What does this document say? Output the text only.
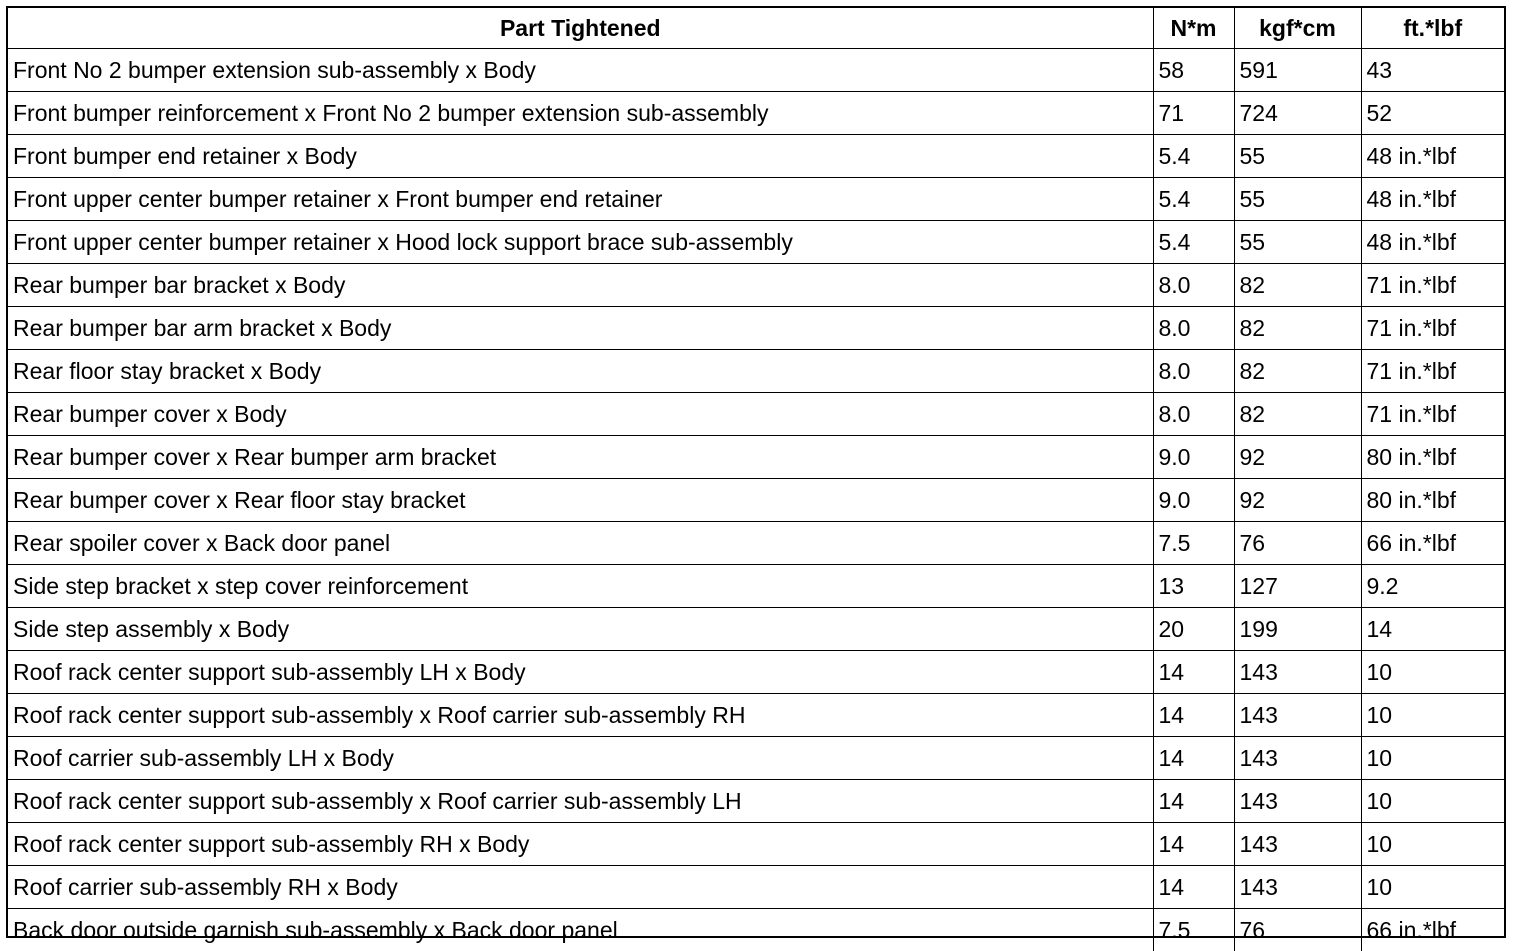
Part Tightened	N*m	kgf*cm	ft.*lbf
Front No 2 bumper extension sub-assembly x Body	58	591	43
Front bumper reinforcement x Front No 2 bumper extension sub-assembly	71	724	52
Front bumper end retainer x Body	5.4	55	48 in.*lbf
Front upper center bumper retainer x Front bumper end retainer	5.4	55	48 in.*lbf
Front upper center bumper retainer x Hood lock support brace sub-assembly	5.4	55	48 in.*lbf
Rear bumper bar bracket x Body	8.0	82	71 in.*lbf
Rear bumper bar arm bracket x Body	8.0	82	71 in.*lbf
Rear floor stay bracket x Body	8.0	82	71 in.*lbf
Rear bumper cover x Body	8.0	82	71 in.*lbf
Rear bumper cover x Rear bumper arm bracket	9.0	92	80 in.*lbf
Rear bumper cover x Rear floor stay bracket	9.0	92	80 in.*lbf
Rear spoiler cover x Back door panel	7.5	76	66 in.*lbf
Side step bracket x step cover reinforcement	13	127	9.2
Side step assembly x Body	20	199	14
Roof rack center support sub-assembly LH x Body	14	143	10
Roof rack center support sub-assembly x Roof carrier sub-assembly RH	14	143	10
Roof carrier sub-assembly LH x Body	14	143	10
Roof rack center support sub-assembly x Roof carrier sub-assembly LH	14	143	10
Roof rack center support sub-assembly RH x Body	14	143	10
Roof carrier sub-assembly RH x Body	14	143	10
Back door outside garnish sub-assembly x Back door panel	7.5	76	66 in.*lbf
